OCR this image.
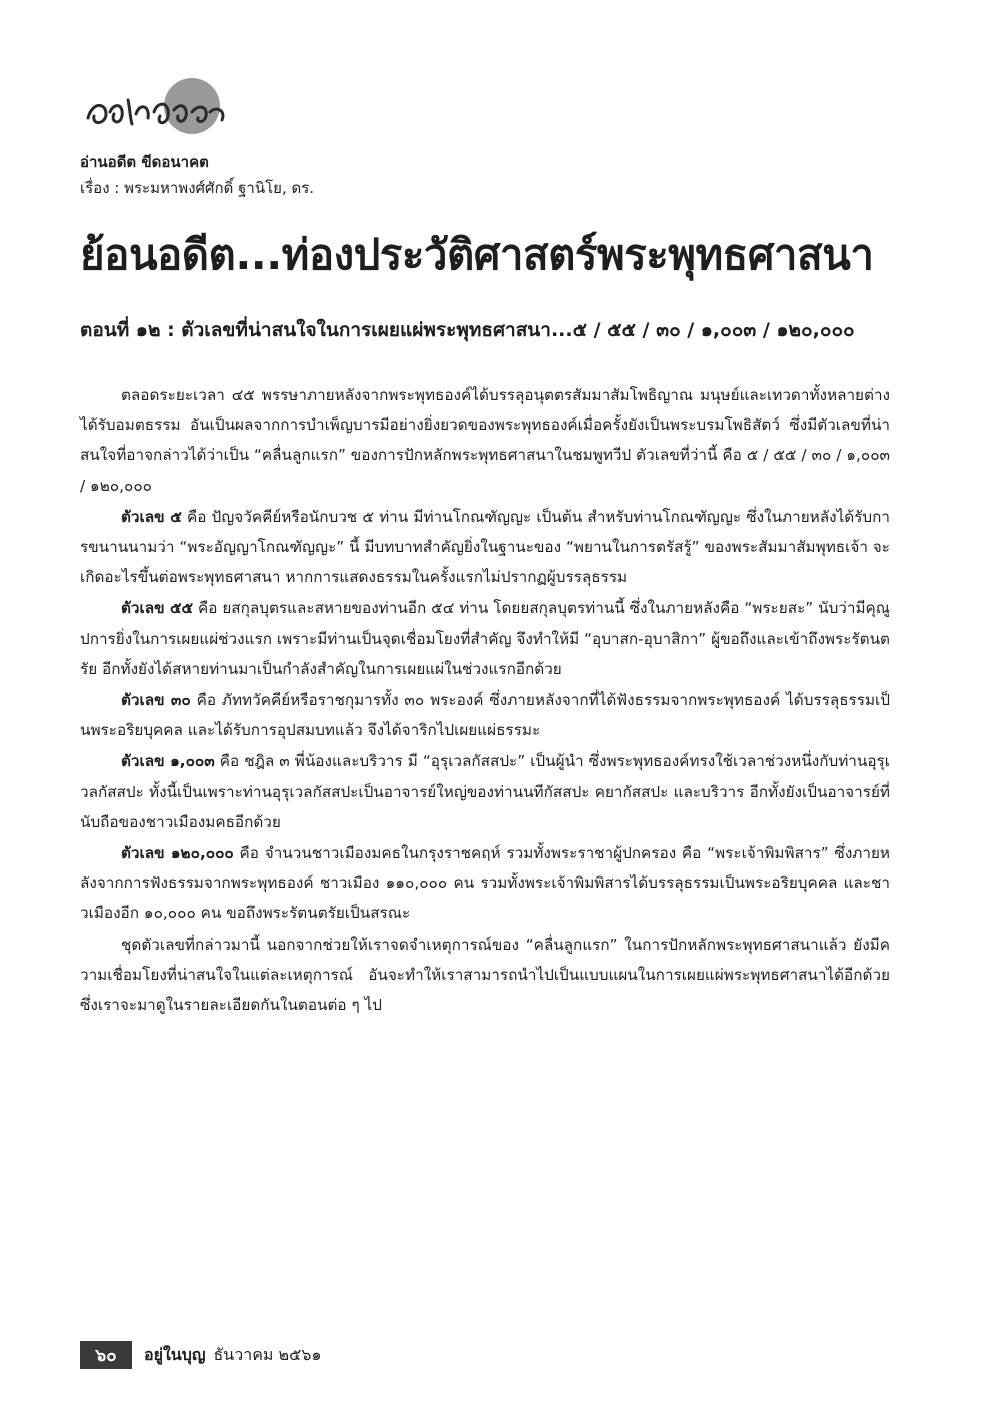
อ่านอดีต ขีดอนาคต
เรื่อง : พระมหาพงศ์ศักดิ์ ฐานิโย, ดร.
ย้อนอดีต...ท่องประวัติศาสตร์พระพุทธศาสนา
ตอนที่ ๑๒ : ตัวเลขที่น่าสนใจในการเผยแผ่พระพุทธศาสนา...๕ / ๕๕ / ๓๐ / ๑,๐๐๓ / ๑๒๐,๐๐๐

ตลอดระยะเวลา ๔๕ พรรษาภายหลังจากพระพุทธองค์ได้บรรลุอนุตตรสัมมาสัมโพธิญาณ มนุษย์และเทวดาทั้งหลายต่างได้รับอมตธรรม อันเป็นผลจากการบำเพ็ญบารมีอย่างยิ่งยวดของพระพุทธองค์เมื่อครั้งยังเป็นพระบรมโพธิสัตว์ ซึ่งมีตัวเลขที่น่าสนใจที่อาจกล่าวได้ว่าเป็น “คลื่นลูกแรก” ของการปักหลักพระพุทธศาสนาในชมพูทวีป ตัวเลขที่ว่านี้ คือ ๕ / ๕๕ / ๓๐ / ๑,๐๐๓ / ๑๒๐,๐๐๐

ตัวเลข ๕ คือ ปัญจวัคคีย์หรือนักบวช ๕ ท่าน มีท่านโกณฑัญญะ เป็นต้น สำหรับท่านโกณฑัญญะ ซึ่งในภายหลังได้รับการขนานนามว่า “พระอัญญาโกณฑัญญะ” นี้ มีบทบาทสำคัญยิ่งในฐานะของ “พยานในการตรัสรู้” ของพระสัมมาสัมพุทธเจ้า จะเกิดอะไรขึ้นต่อพระพุทธศาสนา หากการแสดงธรรมในครั้งแรกไม่ปรากฏผู้บรรลุธรรม

ตัวเลข ๕๕ คือ ยสกุลบุตรและสหายของท่านอีก ๕๔ ท่าน โดยยสกุลบุตรท่านนี้ ซึ่งในภายหลังคือ “พระยสะ” นับว่ามีคุณูปการยิ่งในการเผยแผ่ช่วงแรก เพราะมีท่านเป็นจุดเชื่อมโยงที่สำคัญ จึงทำให้มี “อุบาสก-อุบาสิกา” ผู้ขอถึงและเข้าถึงพระรัตนตรัย อีกทั้งยังได้สหายท่านมาเป็นกำลังสำคัญในการเผยแผ่ในช่วงแรกอีกด้วย

ตัวเลข ๓๐ คือ ภัททวัคคีย์หรือราชกุมารทั้ง ๓๐ พระองค์ ซึ่งภายหลังจากที่ได้ฟังธรรมจากพระพุทธองค์ ได้บรรลุธรรมเป็นพระอริยบุคคล และได้รับการอุปสมบทแล้ว จึงได้จาริกไปเผยแผ่ธรรมะ

ตัวเลข ๑,๐๐๓ คือ ชฎิล ๓ พี่น้องและบริวาร มี “อุรุเวลกัสสปะ” เป็นผู้นำ ซึ่งพระพุทธองค์ทรงใช้เวลาช่วงหนึ่งกับท่านอุรุเวลกัสสปะ ทั้งนี้เป็นเพราะท่านอุรุเวลกัสสปะเป็นอาจารย์ใหญ่ของท่านนทีกัสสปะ คยากัสสปะ และบริวาร อีกทั้งยังเป็นอาจารย์ที่นับถือของชาวเมืองมคธอีกด้วย

ตัวเลข ๑๒๐,๐๐๐ คือ จำนวนชาวเมืองมคธในกรุงราชคฤห์ รวมทั้งพระราชาผู้ปกครอง คือ “พระเจ้าพิมพิสาร” ซึ่งภายหลังจากการฟังธรรมจากพระพุทธองค์ ชาวเมือง ๑๑๐,๐๐๐ คน รวมทั้งพระเจ้าพิมพิสารได้บรรลุธรรมเป็นพระอริยบุคคล และชาวเมืองอีก ๑๐,๐๐๐ คน ขอถึงพระรัตนตรัยเป็นสรณะ

ชุดตัวเลขที่กล่าวมานี้ นอกจากช่วยให้เราจดจำเหตุการณ์ของ “คลื่นลูกแรก” ในการปักหลักพระพุทธศาสนาแล้ว ยังมีความเชื่อมโยงที่น่าสนใจในแต่ละเหตุการณ์ อันจะทำให้เราสามารถนำไปเป็นแบบแผนในการเผยแผ่พระพุทธศาสนาได้อีกด้วย ซึ่งเราจะมาดูในรายละเอียดกันในตอนต่อ ๆ ไป

๖๐	อยู่ในบุญ ธันวาคม ๒๕๖๑
